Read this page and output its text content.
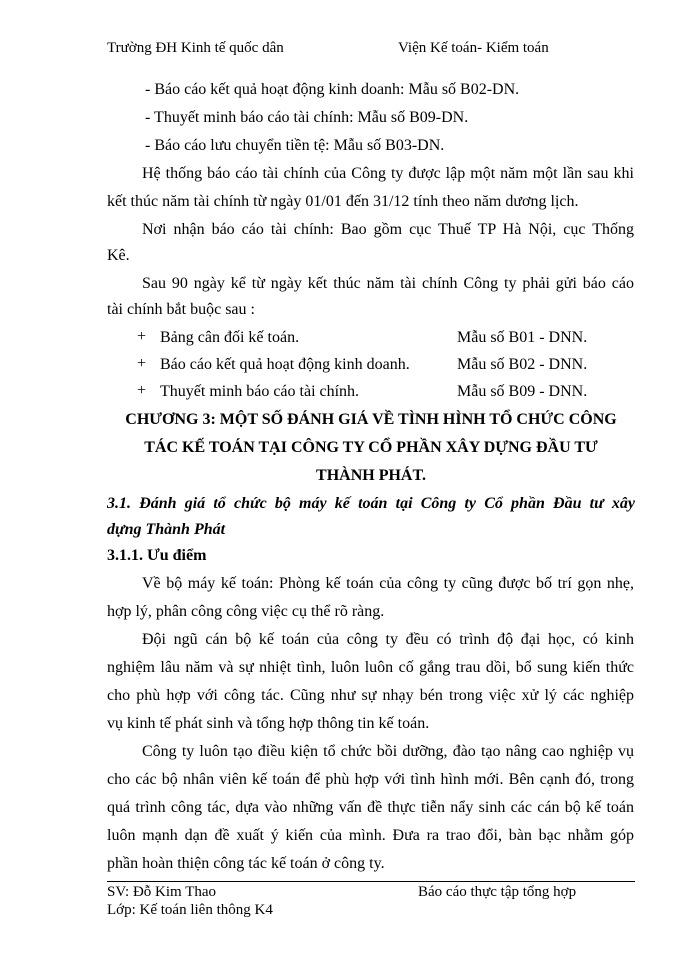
Trường ĐH Kinh tế quốc dân	Viện Kế toán- Kiểm toán
- Báo cáo kết quả hoạt động kinh doanh: Mẫu số B02-DN.
- Thuyết minh báo cáo tài chính: Mẫu số B09-DN.
- Báo cáo lưu chuyển tiền tệ: Mẫu số B03-DN.
Hệ thống báo cáo tài chính của Công ty được lập một năm một lần sau khi
kết thúc năm tài chính từ ngày 01/01 đến 31/12 tính theo năm dương lịch.
Nơi nhận báo cáo tài chính: Bao gồm cục Thuế TP Hà Nội, cục Thống
Kê.
Sau 90 ngày kể từ ngày kết thúc năm tài chính Công ty phải gửi báo cáo
tài chính bắt buộc sau :
+ Bảng cân đối kế toán.	Mẫu số B01 - DNN.
+ Báo cáo kết quả hoạt động kinh doanh.	Mẫu số B02 - DNN.
+ Thuyết minh báo cáo tài chính.	Mẫu số B09 - DNN.
CHƯƠNG 3: MỘT SỐ ĐÁNH GIÁ VỀ TÌNH HÌNH TỔ CHỨC CÔNG
TÁC KẾ TOÁN TẠI CÔNG TY CỔ PHẦN XÂY DỰNG ĐẦU TƯ
THÀNH PHÁT.
3.1. Đánh giá tổ chức bộ máy kế toán tại Công ty Cổ phần Đầu tư xây
dựng Thành Phát
3.1.1. Ưu điểm
Về bộ máy kế toán: Phòng kế toán của công ty cũng được bố trí gọn nhẹ,
hợp lý, phân công công việc cụ thể rõ ràng.
Đội ngũ cán bộ kế toán của công ty đều có trình độ đại học, có kinh
nghiệm lâu năm và sự nhiệt tình, luôn luôn cố gắng trau dồi, bổ sung kiến thức
cho phù hợp với công tác. Cũng như sự nhạy bén trong việc xử lý các nghiệp
vụ kinh tế phát sinh và tổng hợp thông tin kế toán.
Công ty luôn tạo điều kiện tổ chức bồi dưỡng, đào tạo nâng cao nghiệp vụ
cho các bộ nhân viên kế toán để phù hợp với tình hình mới. Bên cạnh đó, trong
quá trình công tác, dựa vào những vấn đề thực tiễn nẩy sinh các cán bộ kế toán
luôn mạnh dạn đề xuất ý kiến của mình. Đưa ra trao đổi, bàn bạc nhằm góp
phần hoàn thiện công tác kế toán ở công ty.
SV: Đỗ Kim Thao	Báo cáo thực tập tổng hợp
Lớp: Kế toán liên thông K4
